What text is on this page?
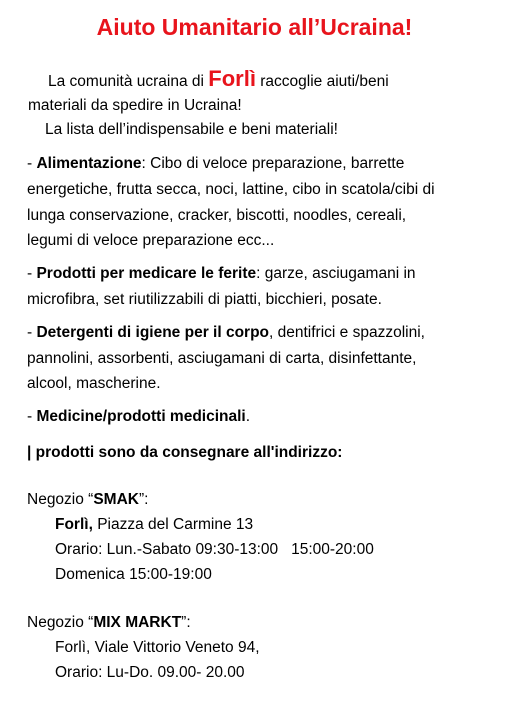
Aiuto Umanitario all’Ucraina!
La comunità ucraina di Forlì raccoglie aiuti/beni
materiali da spedire in Ucraina!
La lista dell’indispensabile e beni materiali!
- Alimentazione: Cibo di veloce preparazione, barrette
energetiche, frutta secca, noci, lattine, cibo in scatola/cibi di
lunga conservazione, cracker, biscotti, noodles, cereali,
legumi di veloce preparazione ecc...
- Prodotti per medicare le ferite: garze, asciugamani in
microfibra, set riutilizzabili di piatti, bicchieri, posate.
- Detergenti di igiene per il corpo, dentifrici e spazzolini,
pannolini, assorbenti, asciugamani di carta, disinfettante,
alcool, mascherine.
- Medicine/prodotti medicinali.
| prodotti sono da consegnare all'indirizzo:
Negozio “SMAK”:
Forlì, Piazza del Carmine 13
Orario: Lun.-Sabato 09:30-13:00   15:00-20:00
Domenica 15:00-19:00
Negozio “MIX MARKT”:
Forlì, Viale Vittorio Veneto 94,
Orario: Lu-Do. 09.00- 20.00
